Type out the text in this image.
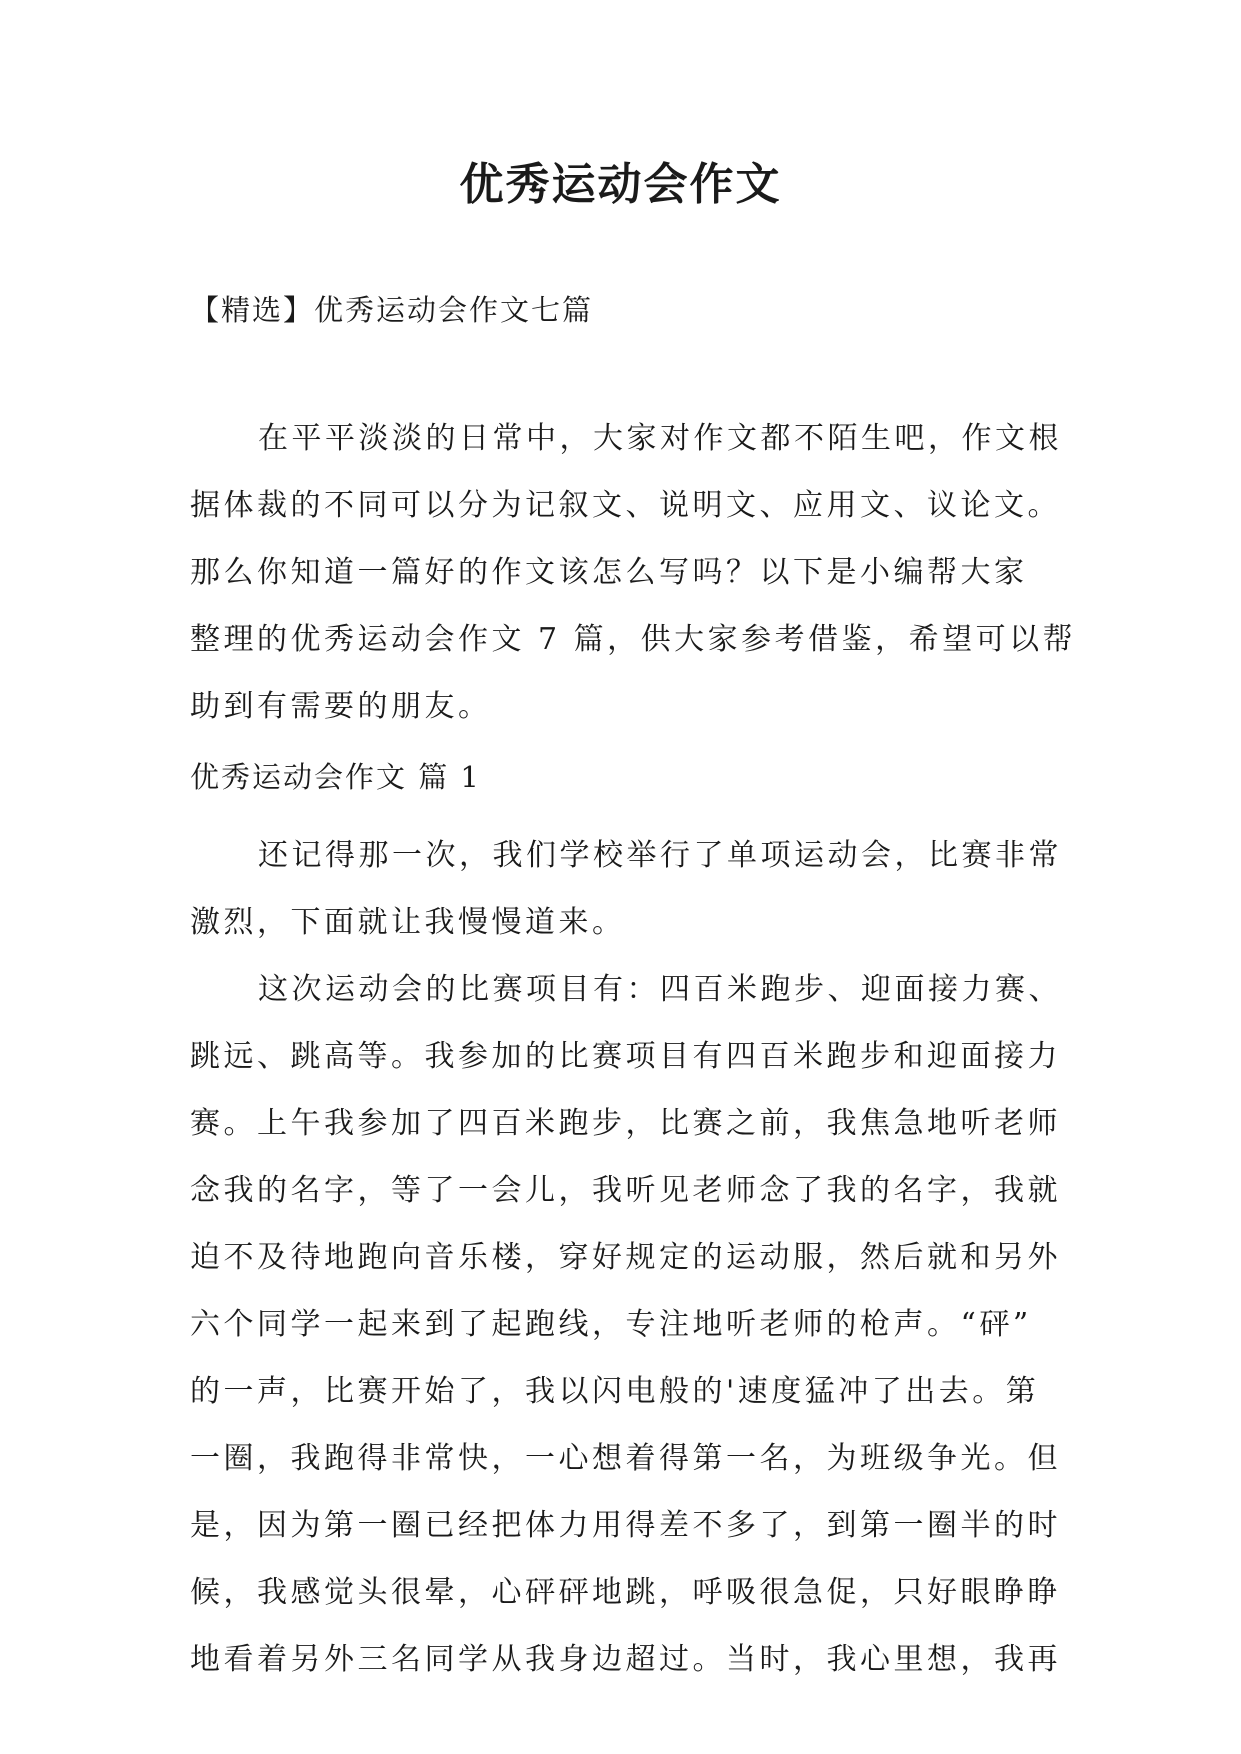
优秀运动会作文
【精选】优秀运动会作文七篇
在平平淡淡的日常中，大家对作文都不陌生吧，作文根
据体裁的不同可以分为记叙文、说明文、应用文、议论文。
那么你知道一篇好的作文该怎么写吗？以下是小编帮大家
整理的优秀运动会作文 7 篇，供大家参考借鉴，希望可以帮
助到有需要的朋友。
优秀运动会作文 篇 1
还记得那一次，我们学校举行了单项运动会，比赛非常
激烈，下面就让我慢慢道来。
这次运动会的比赛项目有：四百米跑步、迎面接力赛、
跳远、跳高等。我参加的比赛项目有四百米跑步和迎面接力
赛。上午我参加了四百米跑步，比赛之前，我焦急地听老师
念我的名字，等了一会儿，我听见老师念了我的名字，我就
迫不及待地跑向音乐楼，穿好规定的运动服，然后就和另外
六个同学一起来到了起跑线，专注地听老师的枪声。“砰”
的一声，比赛开始了，我以闪电般的'速度猛冲了出去。第
一圈，我跑得非常快，一心想着得第一名，为班级争光。但
是，因为第一圈已经把体力用得差不多了，到第一圈半的时
候，我感觉头很晕，心砰砰地跳，呼吸很急促，只好眼睁睁
地看着另外三名同学从我身边超过。当时，我心里想，我再
